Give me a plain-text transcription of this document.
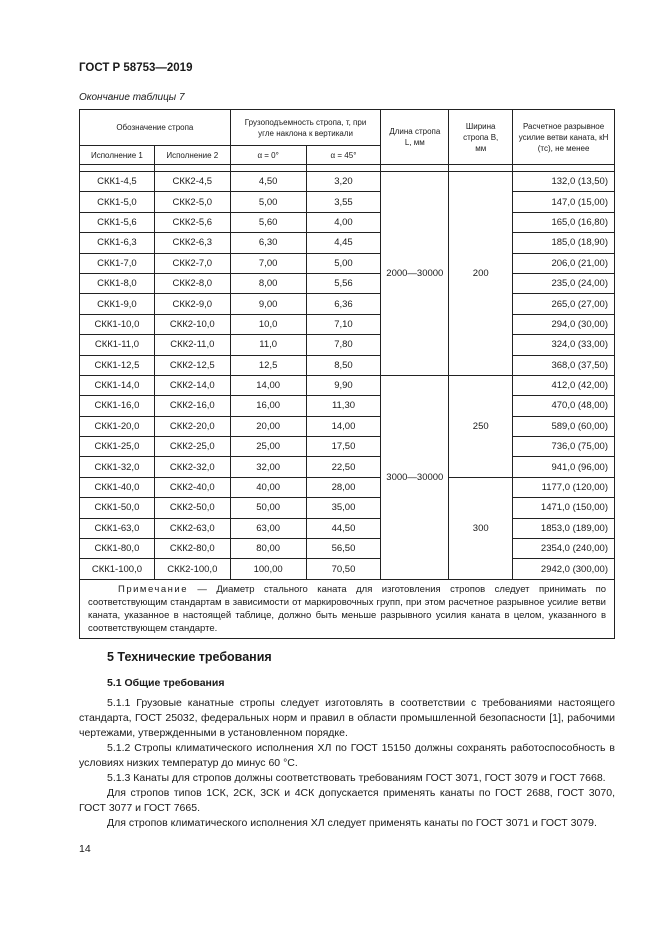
ГОСТ Р 58753—2019
Окончание таблицы 7
Обозначение стропа		Грузоподъемность стропа, т, при угле наклона к вертикали		Длина стропа L, мм	Ширина стропа B, мм	Расчетное разрывное усилие ветви каната, кН (тс), не менее
Исполнение 1	Исполнение 2	α = 0°	α = 45°			

СКК1-4,5	СКК2-4,5	4,50	3,20	2000—30000	200	132,0 (13,50)
СКК1-5,0	СКК2-5,0	5,00	3,55			147,0 (15,00)
СКК1-5,6	СКК2-5,6	5,60	4,00			165,0 (16,80)
СКК1-6,3	СКК2-6,3	6,30	4,45			185,0 (18,90)
СКК1-7,0	СКК2-7,0	7,00	5,00			206,0 (21,00)
СКК1-8,0	СКК2-8,0	8,00	5,56			235,0 (24,00)
СКК1-9,0	СКК2-9,0	9,00	6,36			265,0 (27,00)
СКК1-10,0	СКК2-10,0	10,0	7,10			294,0 (30,00)
СКК1-11,0	СКК2-11,0	11,0	7,80			324,0 (33,00)
СКК1-12,5	СКК2-12,5	12,5	8,50			368,0 (37,50)
СКК1-14,0	СКК2-14,0	14,00	9,90	3000—30000	250	412,0 (42,00)
СКК1-16,0	СКК2-16,0	16,00	11,30			470,0 (48,00)
СКК1-20,0	СКК2-20,0	20,00	14,00			589,0 (60,00)
СКК1-25,0	СКК2-25,0	25,00	17,50			736,0 (75,00)
СКК1-32,0	СКК2-32,0	32,00	22,50			941,0 (96,00)
СКК1-40,0	СКК2-40,0	40,00	28,00		300	1177,0 (120,00)
СКК1-50,0	СКК2-50,0	50,00	35,00			1471,0 (150,00)
СКК1-63,0	СКК2-63,0	63,00	44,50			1853,0 (189,00)
СКК1-80,0	СКК2-80,0	80,00	56,50			2354,0 (240,00)
СКК1-100,0	СКК2-100,0	100,00	70,50			2942,0 (300,00)

Примечание — Диаметр стального каната для изготовления стропов следует принимать по соответствующим стандартам в зависимости от маркировочных групп, при этом расчетное разрывное усилие ветви каната, указанное в настоящей таблице, должно быть меньше разрывного усилия каната в целом, указанного в соответствующем стандарте.						
5 Технические требования
5.1 Общие требования

5.1.1 Грузовые канатные стропы следует изготовлять в соответствии с требованиями настоящего стандарта, ГОСТ 25032, федеральных норм и правил в области промышленной безопасности [1], рабочими чертежами, утвержденными в установленном порядке.

5.1.2 Стропы климатического исполнения ХЛ по ГОСТ 15150 должны сохранять работоспособность в условиях низких температур до минус 60 °С.

5.1.3 Канаты для стропов должны соответствовать требованиям ГОСТ 3071, ГОСТ 3079 и ГОСТ 7668.

Для стропов типов 1СК, 2СК, 3СК и 4СК допускается применять канаты по ГОСТ 2688, ГОСТ 3070, ГОСТ 3077 и ГОСТ 7665.

Для стропов климатического исполнения ХЛ следует применять канаты по ГОСТ 3071 и ГОСТ 3079.

14
